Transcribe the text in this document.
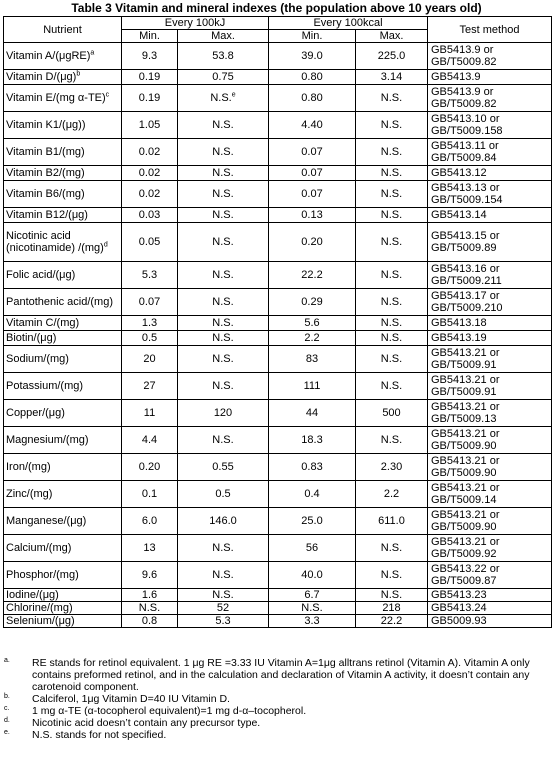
Table 3 Vitamin and mineral indexes (the population above 10 years old)
Nutrient	Every 100kJ		Every 100kcal		Test method
	Min.	Max.	Min.	Max.	
Vitamin $A/(\mu gRE)^a$	9.3	53.8	39.0	225.0	GB5413.9 or GB/T5009.82
Vitamin $D/(\mu g)^b$	0.19	0.75	0.80	3.14	GB5413.9
Vitamin E/(mg α-TE)$^c$	0.19	N.S.$^e$	0.80	N.S.	GB5413.9 or GB/T5009.82
Vitamin K1/(μg))	1.05	N.S.	4.40	N.S.	GB5413.10 or GB/T5009.158
Vitamin B1/(mg)	0.02	N.S.	0.07	N.S.	GB5413.11 or GB/T5009.84
Vitamin B2/(mg)	0.02	N.S.	0.07	N.S.	GB5413.12
Vitamin B6/(mg)	0.02	N.S.	0.07	N.S.	GB5413.13 or GB/T5009.154
Vitamin B12/(μg)	0.03	N.S.	0.13	N.S.	GB5413.14
Nicotinic acid (nicotinamide) /(mg)$^d$	0.05	N.S.	0.20	N.S.	GB5413.15 or GB/T5009.89
Folic acid/(μg)	5.3	N.S.	22.2	N.S.	GB5413.16 or GB/T5009.211
Pantothenic acid/(mg)	0.07	N.S.	0.29	N.S.	GB5413.17 or GB/T5009.210
Vitamin C/(mg)	1.3	N.S.	5.6	N.S.	GB5413.18
Biotin/(μg)	0.5	N.S.	2.2	N.S.	GB5413.19
Sodium/(mg)	20	N.S.	83	N.S.	GB5413.21 or GB/T5009.91
Potassium/(mg)	27	N.S.	111	N.S.	GB5413.21 or GB/T5009.91
Copper/(μg)	11	120	44	500	GB5413.21 or GB/T5009.13
Magnesium/(mg)	4.4	N.S.	18.3	N.S.	GB5413.21 or GB/T5009.90
Iron/(mg)	0.20	0.55	0.83	2.30	GB5413.21 or GB/T5009.90
Zinc/(mg)	0.1	0.5	0.4	2.2	GB5413.21 or GB/T5009.14
Manganese/(μg)	6.0	146.0	25.0	611.0	GB5413.21 or GB/T5009.90
Calcium/(mg)	13	N.S.	56	N.S.	GB5413.21 or GB/T5009.92
Phosphor/(mg)	9.6	N.S.	40.0	N.S.	GB5413.22 or GB/T5009.87
Iodine/(μg)	1.6	N.S.	6.7	N.S.	GB5413.23
Chlorine/(mg)	N.S.	52	N.S.	218	GB5413.24
Selenium/(μg)	0.8	5.3	3.3	22.2	GB5009.93
a. RE stands for retinol equivalent. 1 μg RE =3.33 IU Vitamin A=1μg alltrans retinol (Vitamin A). Vitamin A only contains preformed retinol, and in the calculation and declaration of Vitamin A activity, it doesn’t contain any carotenoid component.
b. Calciferol, 1μg Vitamin D=40 IU Vitamin D.
c. 1 mg α-TE (α-tocopherol equivalent)=1 mg d-α–tocopherol.
d. Nicotinic acid doesn’t contain any precursor type.
e. N.S. stands for not specified.
